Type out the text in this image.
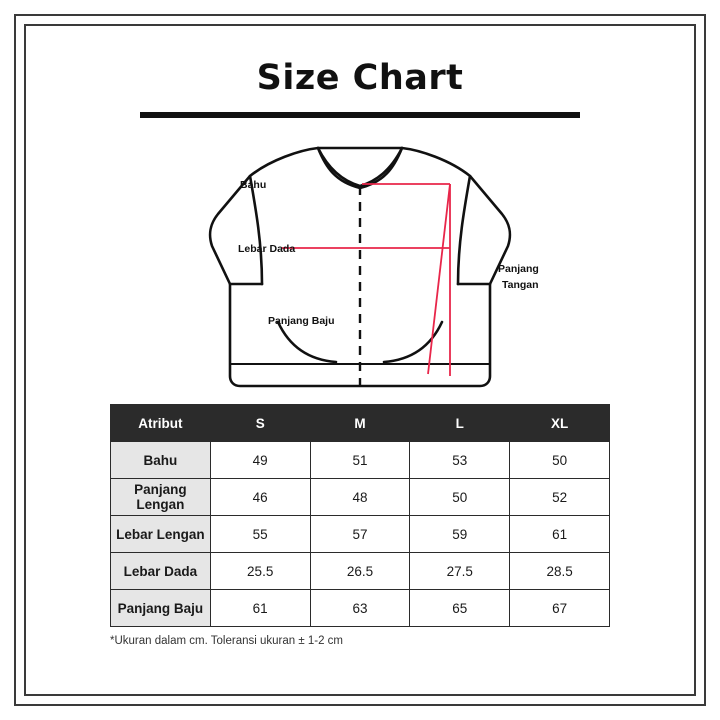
Size Chart
Bahu
Lebar Dada
Panjang Baju
Panjang
Tangan
Atribut	S	M	L	XL
Bahu	49	51	53	50
Panjang Lengan	46	48	50	52
Lebar Lengan	55	57	59	61
Lebar Dada	25.5	26.5	27.5	28.5
Panjang Baju	61	63	65	67
*Ukuran dalam cm. Toleransi ukuran ± 1-2 cm
